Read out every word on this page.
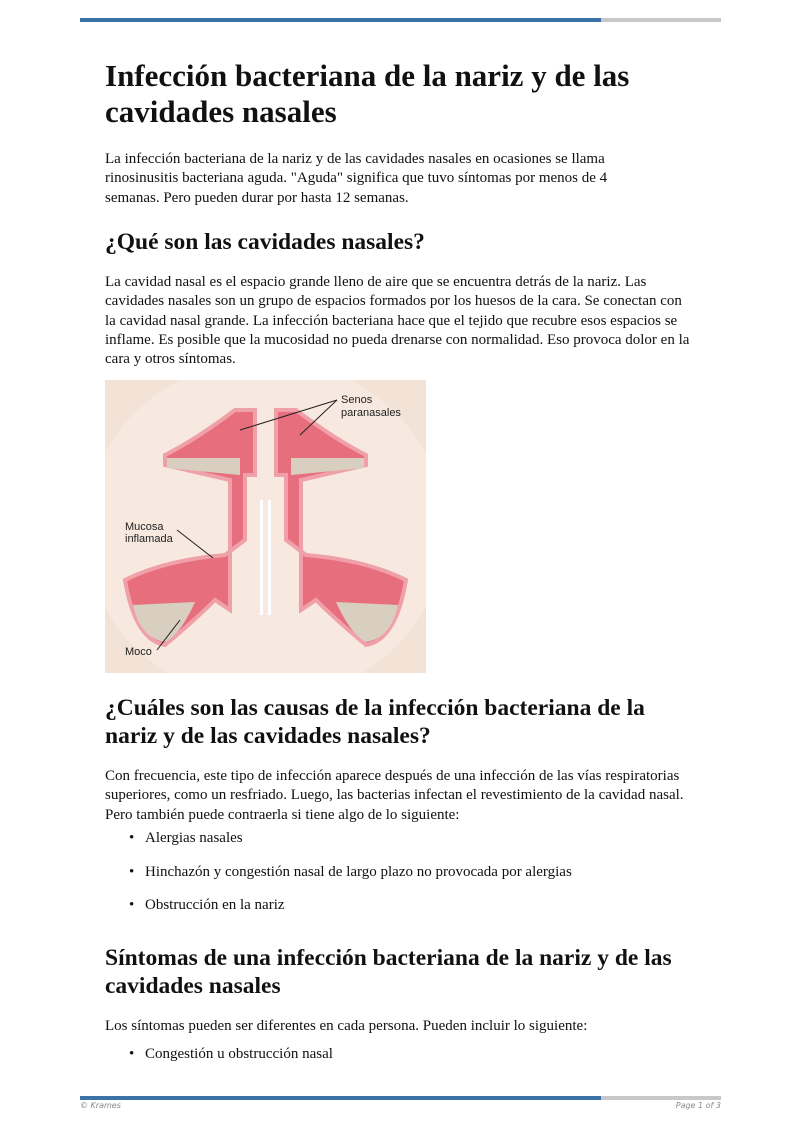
Infección bacteriana de la nariz y de las cavidades nasales

La infección bacteriana de la nariz y de las cavidades nasales en ocasiones se llama rinosinusitis bacteriana aguda. "Aguda" significa que tuvo síntomas por menos de 4 semanas. Pero pueden durar por hasta 12 semanas.

¿Qué son las cavidades nasales?

La cavidad nasal es el espacio grande lleno de aire que se encuentra detrás de la nariz. Las cavidades nasales son un grupo de espacios formados por los huesos de la cara. Se conectan con la cavidad nasal grande. La infección bacteriana hace que el tejido que recubre esos espacios se inflame. Es posible que la mucosidad no pueda drenarse con normalidad. Eso provoca dolor en la cara y otros síntomas.

Senos
paranasales
Mucosa
inflamada
Moco
¿Cuáles son las causas de la infección bacteriana de la nariz y de las cavidades nasales?

Con frecuencia, este tipo de infección aparece después de una infección de las vías respiratorias superiores, como un resfriado. Luego, las bacterias infectan el revestimiento de la cavidad nasal. Pero también puede contraerla si tiene algo de lo siguiente:

• Alergias nasales
• Hinchazón y congestión nasal de largo plazo no provocada por alergias
• Obstrucción en la nariz
Síntomas de una infección bacteriana de la nariz y de las cavidades nasales

Los síntomas pueden ser diferentes en cada persona. Pueden incluir lo siguiente:

• Congestión u obstrucción nasal
© Krames	Page 1 of 3
